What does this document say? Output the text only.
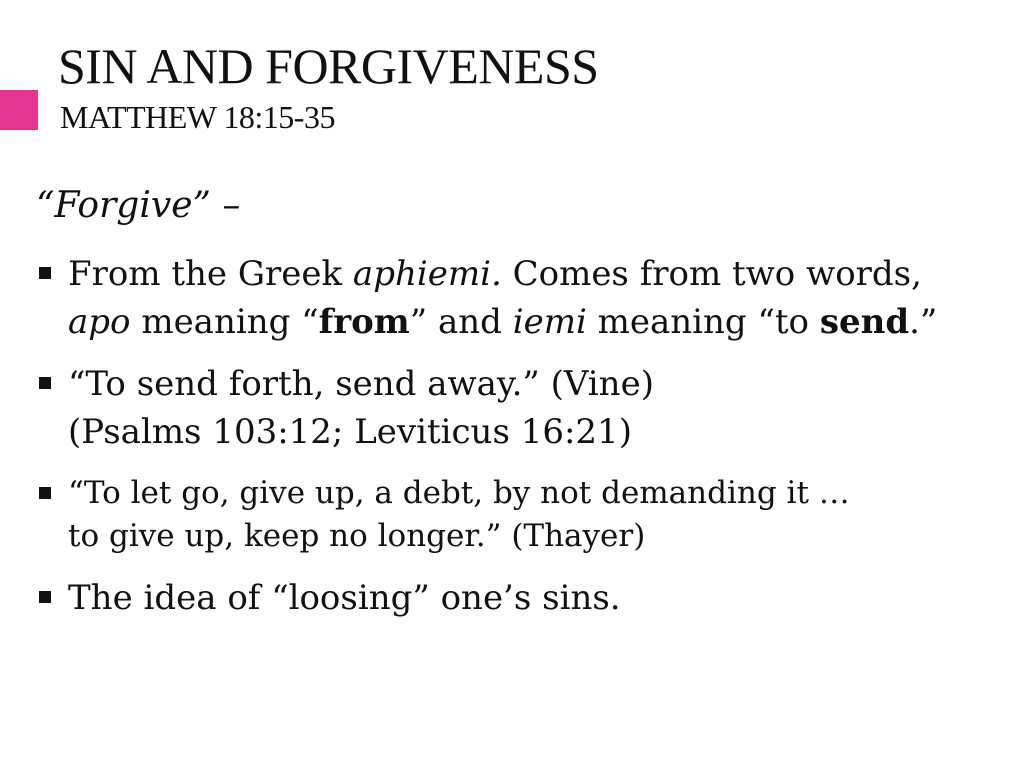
SIN AND FORGIVENESS
MATTHEW 18:15-35
“Forgive” –
From the Greek aphiemi. Comes from two words, apo meaning “from” and iemi meaning “to send.”
“To send forth, send away.” (Vine)
(Psalms 103:12; Leviticus 16:21)
“To let go, give up, a debt, by not demanding it …
to give up, keep no longer.” (Thayer)
The idea of “loosing” one’s sins.
